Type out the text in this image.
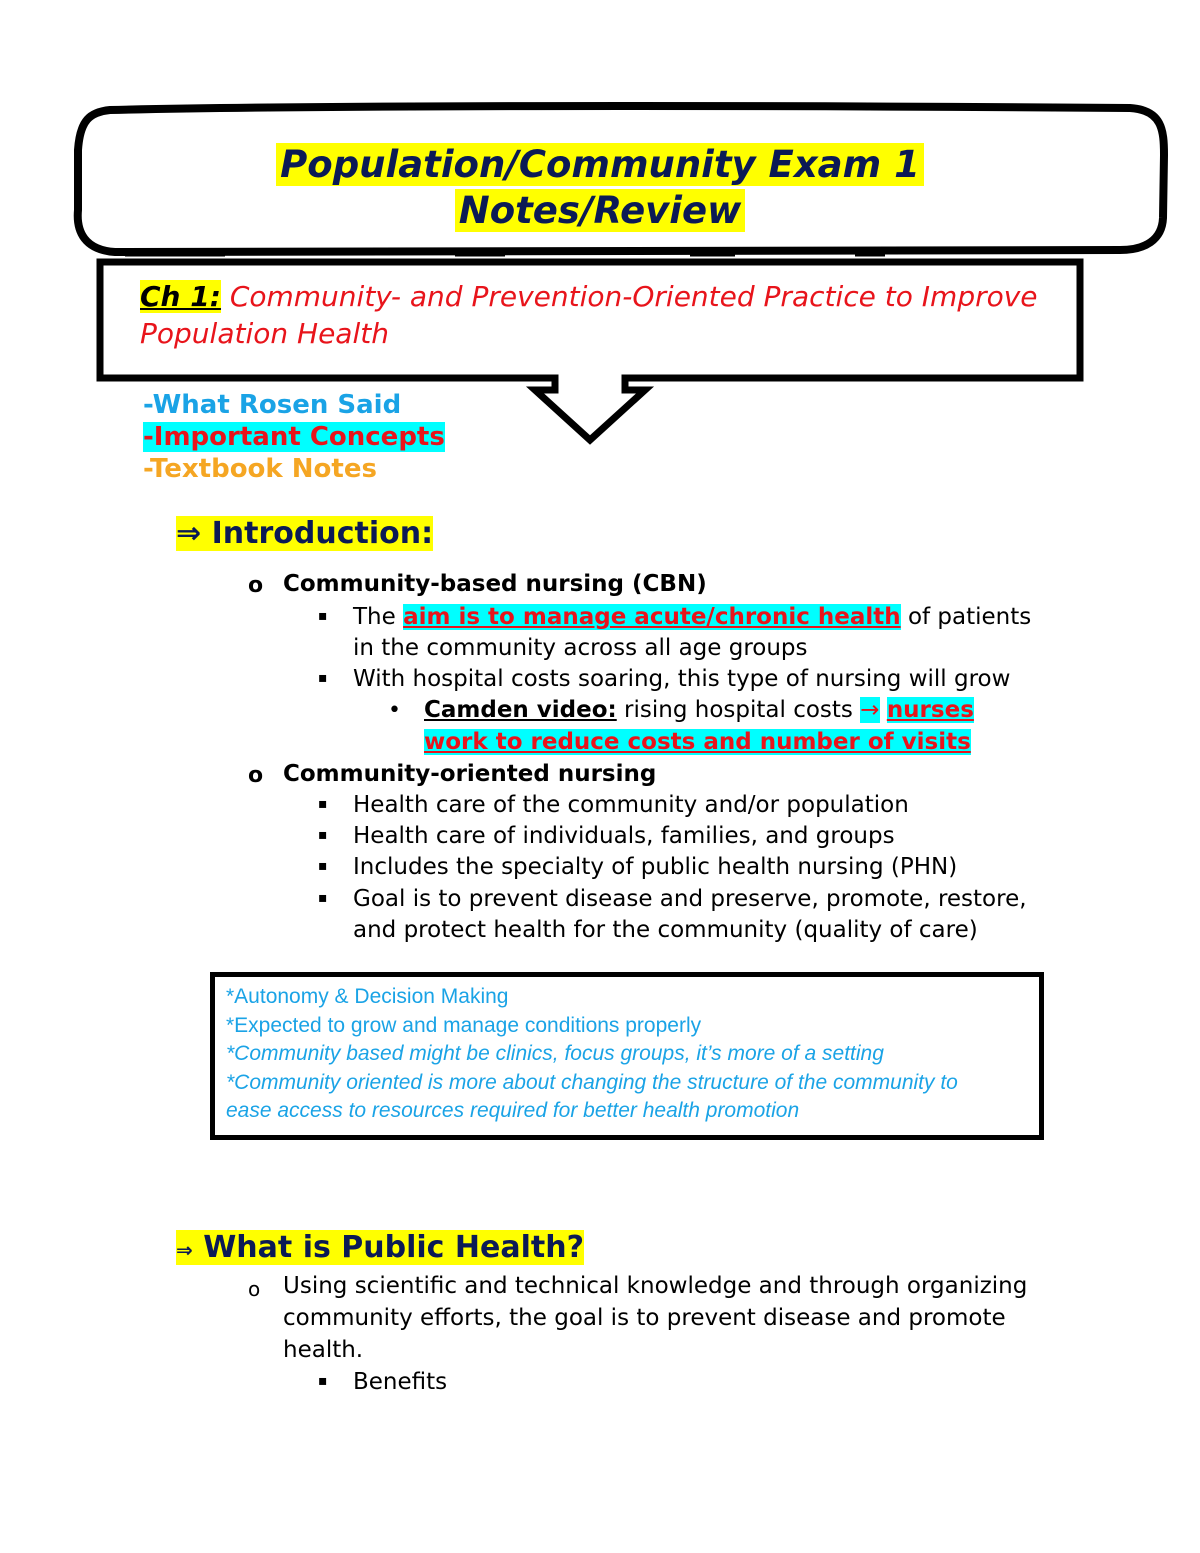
Population/Community Exam 1
Notes/Review
Ch 1: Community- and Prevention-Oriented Practice to Improve Population Health
-What Rosen Said
-Important Concepts
-Textbook Notes
⇒ Introduction:
o Community-based nursing (CBN)
▪ The aim is to manage acute/chronic health of patients
in the community across all age groups
▪ With hospital costs soaring, this type of nursing will grow
• Camden video: rising hospital costs → nurses
work to reduce costs and number of visits
o Community-oriented nursing
▪ Health care of the community and/or population
▪ Health care of individuals, families, and groups
▪ Includes the specialty of public health nursing (PHN)
▪ Goal is to prevent disease and preserve, promote, restore,
and protect health for the community (quality of care)
*Autonomy & Decision Making
*Expected to grow and manage conditions properly
*Community based might be clinics, focus groups, it’s more of a setting
*Community oriented is more about changing the structure of the community to
ease access to resources required for better health promotion
⇒ What is Public Health?
o Using scientific and technical knowledge and through organizing
community efforts, the goal is to prevent disease and promote
health.
▪ Benefits
